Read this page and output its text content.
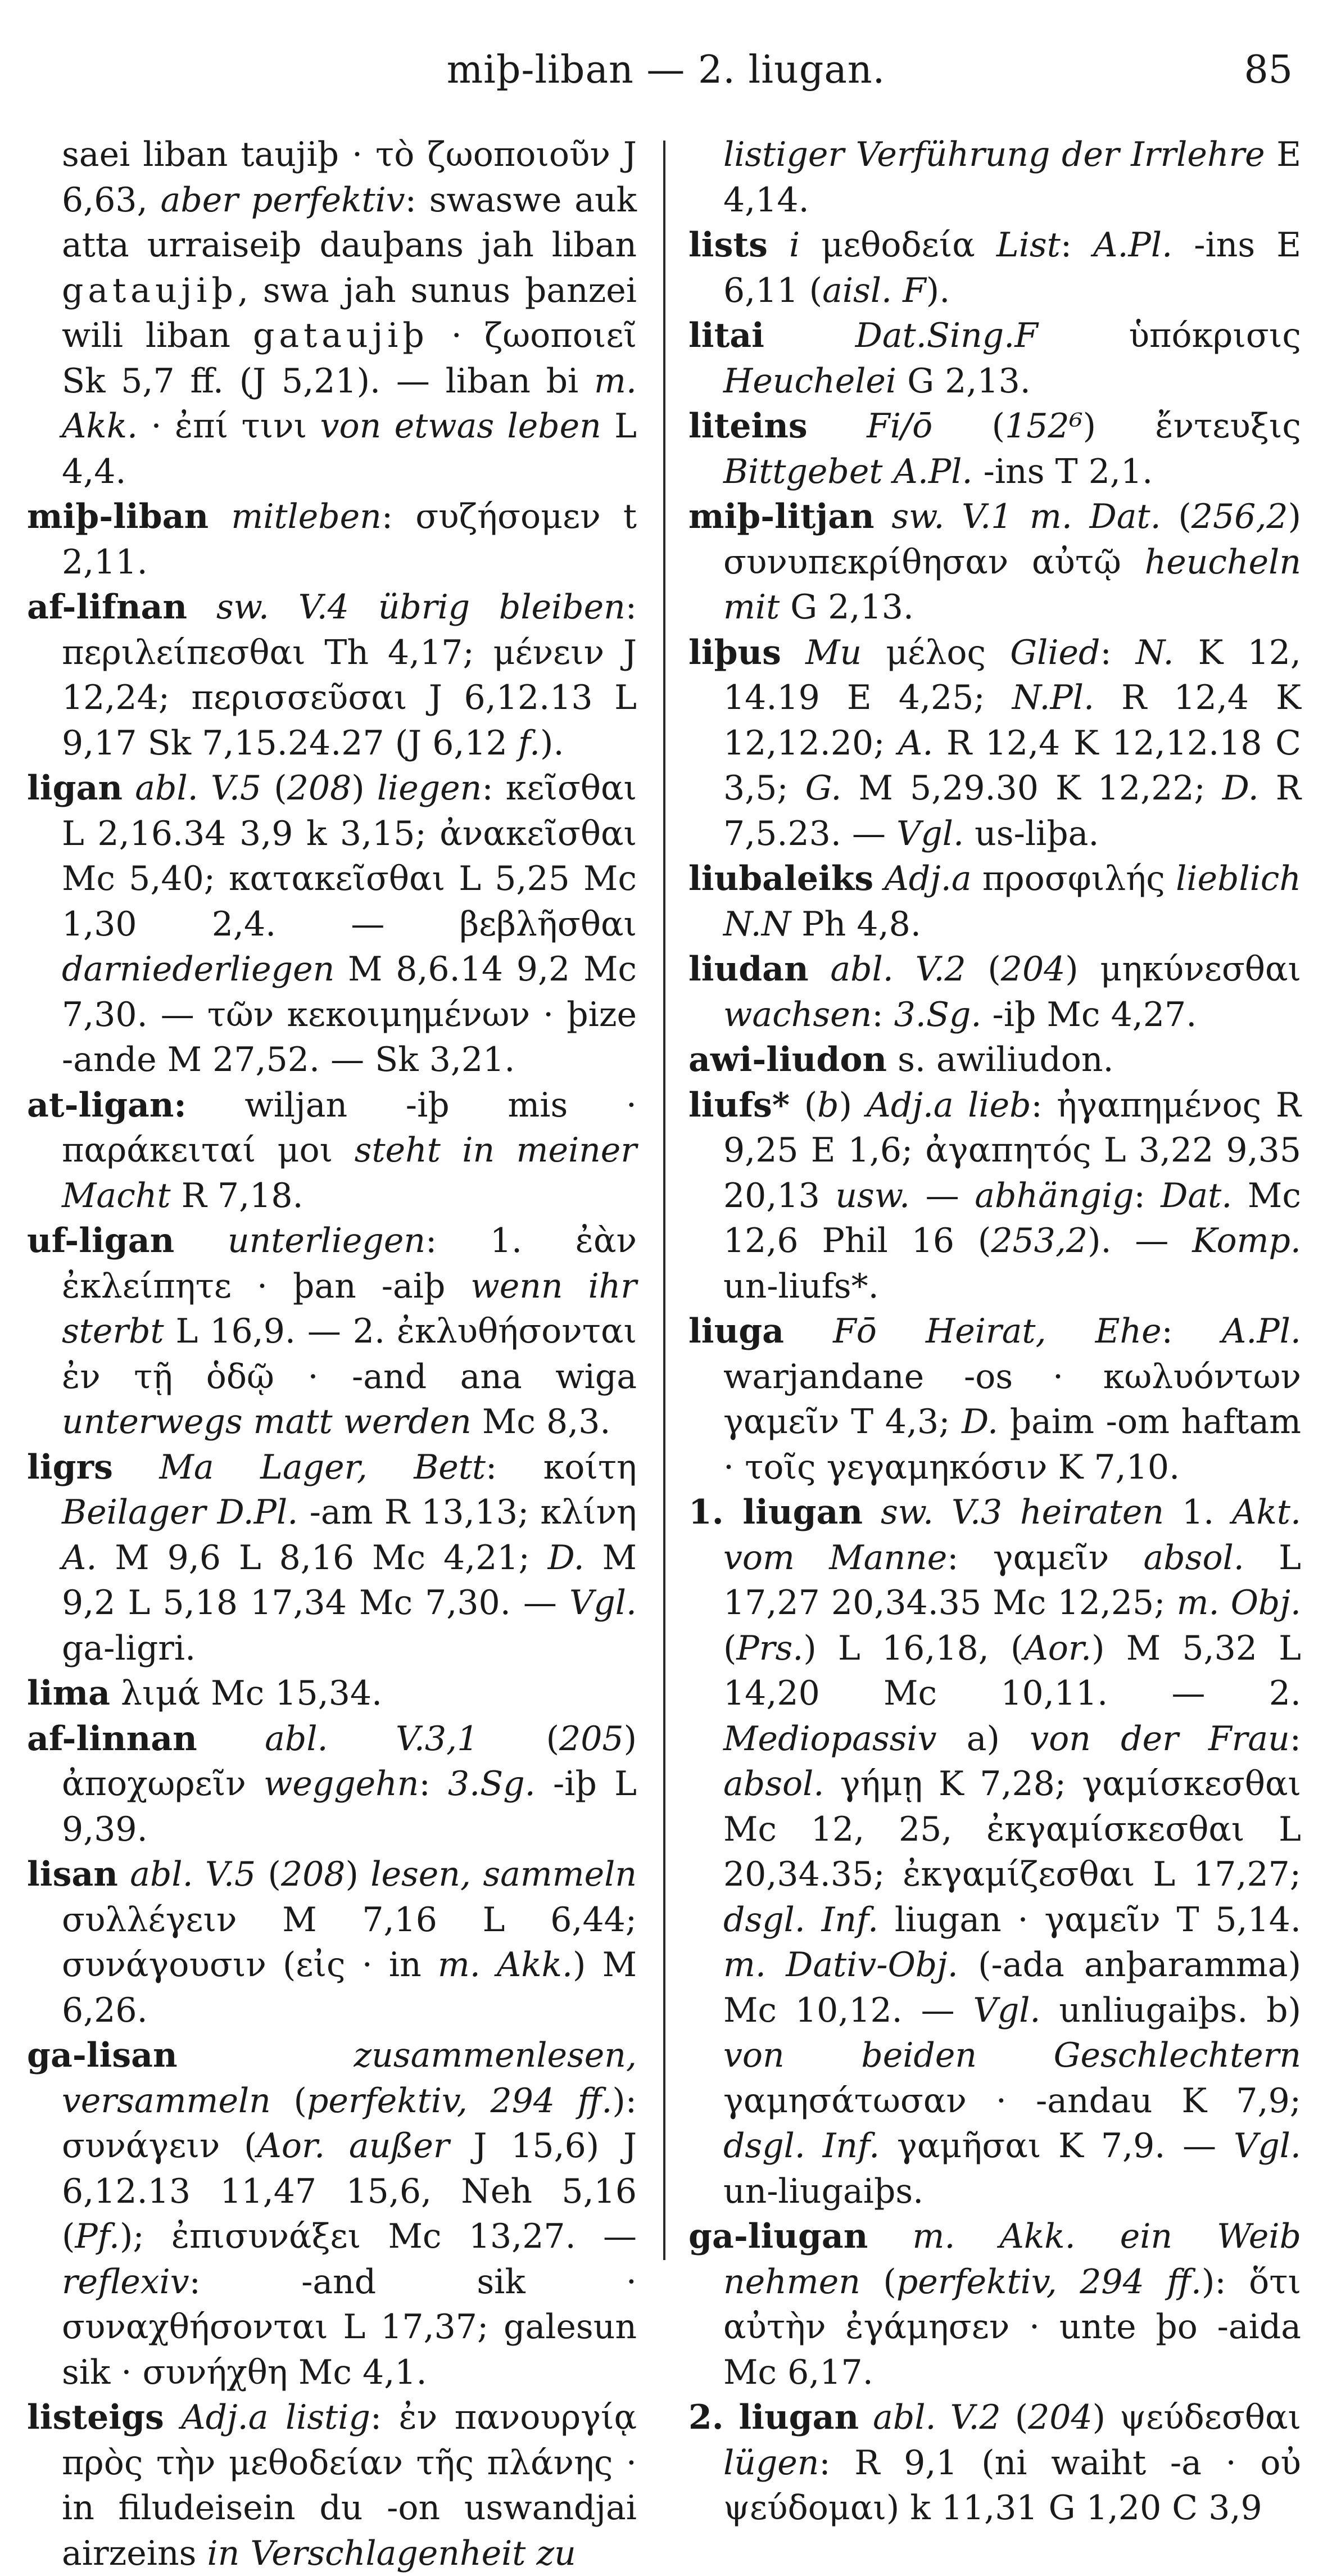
miþ-liban — 2. liugan.	85

saei liban taujiþ · τὸ ζωοποιοῦν J 6,63, aber perfektiv: swaswe auk atta urraiseiþ dauþans jah liban gataujiþ, swa jah sunus þanzei wili liban gataujiþ · ζωοποιεῖ Sk 5,7 ff. (J 5,21). — liban bi m. Akk. · ἐπί τινι von etwas leben L 4,4.

miþ-liban mitleben: συζήσομεν t 2,11.

af-lifnan sw. V.4 übrig bleiben: περιλείπεσθαι Th 4,17; μένειν J 12,24; περισσεῦσαι J 6,12.13 L 9,17 Sk 7,15.24.27 (J 6,12 f.).

ligan abl. V.5 (208) liegen: κεῖσθαι L 2,16.34 3,9 k 3,15; ἀνακεῖσθαι Mc 5,40; κατακεῖσθαι L 5,25 Mc 1,30 2,4. — βεβλῆσθαι darniederliegen M 8,6.14 9,2 Mc 7,30. — τῶν κεκοιμημένων · þize -ande M 27,52. — Sk 3,21.

at-ligan: wiljan -iþ mis · παράκειταί μοι steht in meiner Macht R 7,18.

uf-ligan unterliegen: 1. ἐὰν ἐκλείπητε · þan -aiþ wenn ihr sterbt L 16,9. — 2. ἐκλυθήσονται ἐν τῇ ὁδῷ · -and ana wiga unterwegs matt werden Mc 8,3.

ligrs Ma Lager, Bett: κοίτη Beilager D.Pl. -am R 13,13; κλίνη A. M 9,6 L 8,16 Mc 4,21; D. M 9,2 L 5,18 17,34 Mc 7,30. — Vgl. ga-ligri.

lima λιμά Mc 15,34.

af-linnan abl. V.3,1 (205) ἀποχωρεῖν weggehn: 3.Sg. -iþ L 9,39.

lisan abl. V.5 (208) lesen, sammeln συλλέγειν M 7,16 L 6,44; συνάγουσιν (εἰς · in m. Akk.) M 6,26.

ga-lisan	zusammenlesen, versammeln (perfektiv, 294 ff.): συνάγειν (Aor. außer J 15,6) J 6,12.13 11,47 15,6, Neh 5,16 (Pf.); ἐπισυνάξει Mc 13,27. — reflexiv: -and sik · συναχθήσονται L 17,37; galesun sik · συνήχθη Mc 4,1.

listeigs Adj.a listig: ἐν πανουργίᾳ πρὸς τὴν μεθοδείαν τῆς πλάνης · in filudeisein du -on uswandjai airzeins in Verschlagenheit zu

listiger Verführung der Irrlehre E 4,14.

lists i μεθοδεία List: A.Pl. -ins E 6,11 (aisl. F).

litai	Dat.Sing.F ὑπόκρισις Heuchelei G 2,13.

liteins Fi/ō (152⁶) ἔντευξις Bittgebet A.Pl. -ins T 2,1.

miþ-litjan sw. V.1 m. Dat. (256,2) συνυπεκρίθησαν αὐτῷ heucheln mit G 2,13.

liþus Mu μέλος Glied: N. K 12, 14.19 E 4,25; N.Pl. R 12,4 K 12,12.20; A. R 12,4 K 12,12.18 C 3,5; G. M 5,29.30 K 12,22; D. R 7,5.23. — Vgl. us-liþa.

liubaleiks Adj.a προσφιλής lieblich N.N Ph 4,8.

liudan abl. V.2 (204) μηκύνεσθαι wachsen: 3.Sg. -iþ Mc 4,27.

awi-liudon s. awiliudon.

liufs* (b) Adj.a lieb: ἠγαπημένος R 9,25 E 1,6; ἀγαπητός L 3,22 9,35 20,13 usw. — abhängig: Dat. Mc 12,6 Phil 16 (253,2). — Komp. un-liufs*.

liuga Fō Heirat, Ehe: A.Pl. warjandane -os · κωλυόντων γαμεῖν T 4,3; D. þaim -om haftam · τοῖς γεγαμηκόσιν K 7,10.

1. liugan sw. V.3 heiraten 1. Akt. vom Manne: γαμεῖν absol. L 17,27 20,34.35 Mc 12,25; m. Obj. (Prs.) L 16,18, (Aor.) M 5,32 L 14,20 Mc 10,11. — 2. Mediopassiv a) von der Frau: absol. γήμῃ K 7,28; γαμίσκεσθαι Mc 12, 25, ἐκγαμίσκεσθαι L 20,34.35; ἐκγαμίζεσθαι L 17,27; dsgl. Inf. liugan · γαμεῖν T 5,14. m. Dativ-Obj. (-ada anþaramma) Mc 10,12. — Vgl. unliugaiþs. b) von beiden Geschlechtern γαμησάτωσαν · -andau K 7,9; dsgl. Inf. γαμῆσαι K 7,9. — Vgl. un-liugaiþs.

ga-liugan m. Akk. ein Weib nehmen (perfektiv, 294 ff.): ὅτι αὐτὴν ἐγάμησεν · unte þo -aida Mc 6,17.

2. liugan abl. V.2 (204) ψεύδεσθαι lügen: R 9,1 (ni waiht -a · οὐ ψεύδομαι) k 11,31 G 1,20 C 3,9
